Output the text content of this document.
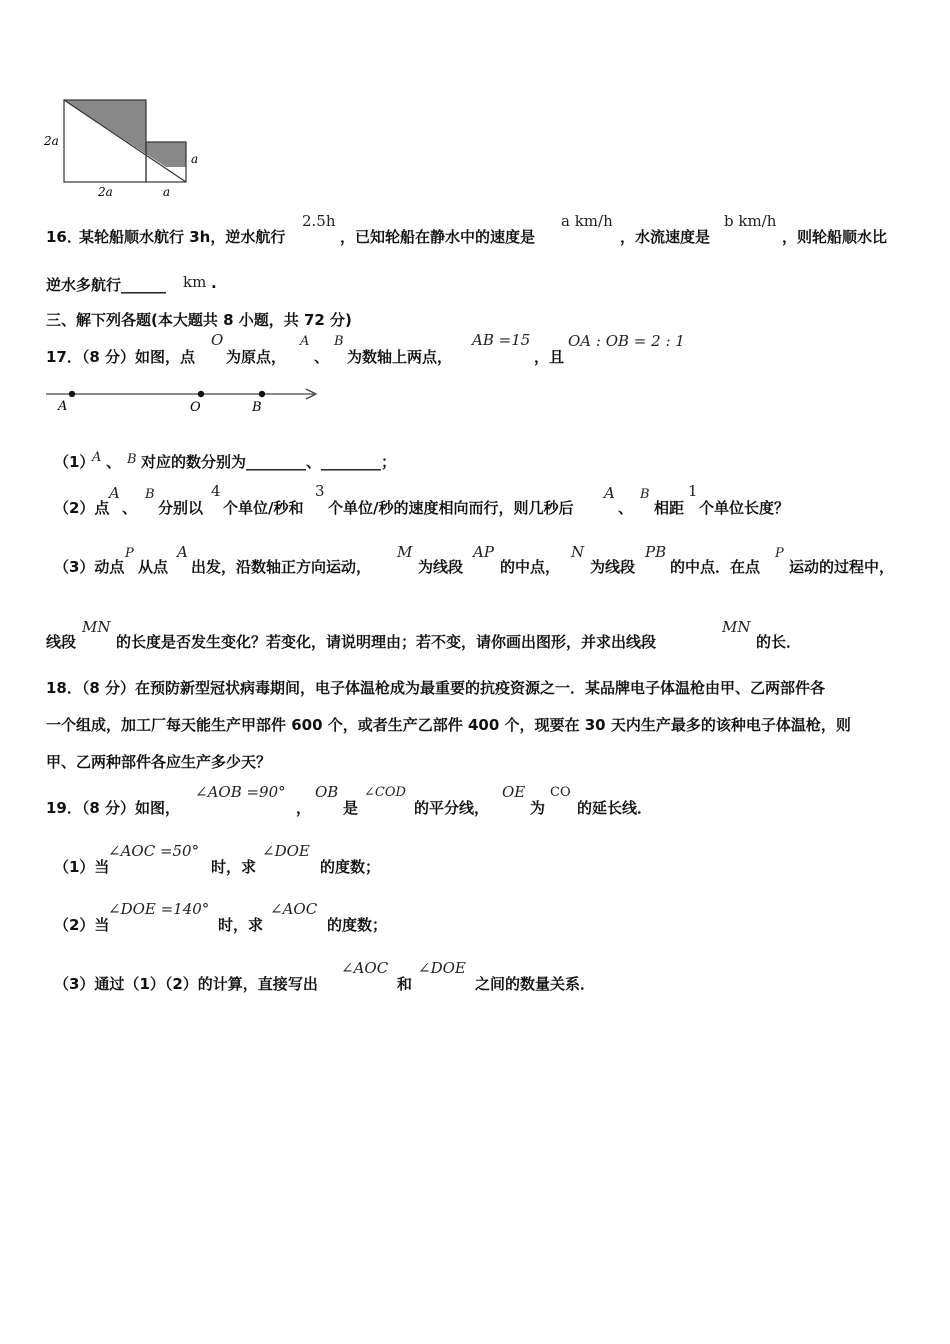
2a
2a	a
a
16．
某轮船顺水航行 3h，逆水航行
2.5h
，已知轮船在静水中的速度是
a km/h
，水流速度是
b km/h
，则轮船顺水比
逆水多航行______ km .
三、解下列各题(本大题共 8 小题，共 72 分)
17．（8 分）如图，点
O
为原点，
A
、
B
为数轴上两点，
AB =15
，且
OA : OB = 2 : 1
A	O	B
（1）
A 、 B 对应的数分别为________、________；
（2）点
A
、
B
分别以
4
个单位/秒和
3
个单位/秒的速度相向而行，则几秒后
A
、
B
相距
1
个单位长度？
（3）动点
P
从点
A
出发，沿数轴正方向运动，
M
为线段
AP
的中点，
N
为线段
PB
的中点．在点
P
运动的过程中，
线段
MN
的长度是否发生变化？若变化，请说明理由；若不变，请你画出图形，并求出线段
MN
的长．
18．（8 分）在预防新型冠状病毒期间，电子体温枪成为最重要的抗疫资源之一．某品牌电子体温枪由甲、乙两部件各
一个组成，加工厂每天能生产甲部件 600 个，或者生产乙部件 400 个，现要在 30 天内生产最多的该种电子体温枪，则
甲、乙两种部件各应生产多少天？
19．（8 分）如图，
∠AOB =90°
，
OB
是
∠COD
的平分线，
OE
为
CO
的延长线．
（1）当
∠AOC =50°
时，求
∠DOE
的度数；
（2）当
∠DOE =140°
时，求
∠AOC
的度数；
（3）通过（1）（2）的计算，直接写出
∠AOC
和
∠DOE
之间的数量关系．
